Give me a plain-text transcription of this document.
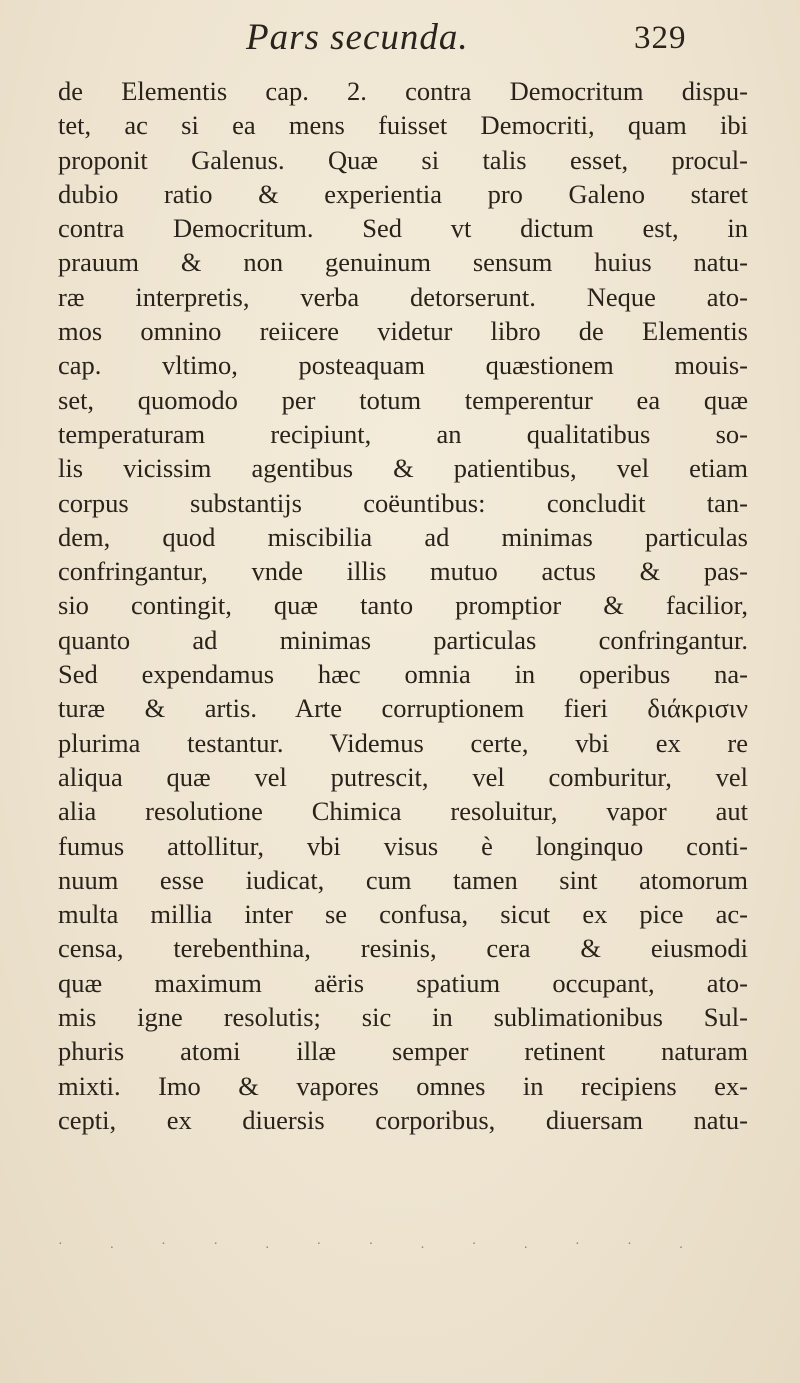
Pars secunda.	329
de Elementis cap. 2. contra Democritum dispu-
tet, ac si ea mens fuisset Democriti, quam ibi
proponit Galenus. Quæ si talis esset, procul-
dubio ratio & experientia pro Galeno staret
contra Democritum. Sed vt dictum est, in
prauum & non genuinum sensum huius natu-
ræ interpretis, verba detorserunt. Neque ato-
mos omnino reiicere videtur libro de Elementis
cap. vltimo, posteaquam quæstionem mouis-
set, quomodo per totum temperentur ea quæ
temperaturam recipiunt, an qualitatibus so-
lis vicissim agentibus & patientibus, vel etiam
corpus substantijs coëuntibus: concludit tan-
dem, quod miscibilia ad minimas particulas
confringantur, vnde illis mutuo actus & pas-
sio contingit, quæ tanto promptior & facilior,
quanto ad minimas particulas confringantur.
Sed expendamus hæc omnia in operibus na-
turæ & artis. Arte corruptionem fieri διάκρισιν
plurima testantur. Videmus certe, vbi ex re
aliqua quæ vel putrescit, vel comburitur, vel
alia resolutione Chimica resoluitur, vapor aut
fumus attollitur, vbi visus è longinquo conti-
nuum esse iudicat, cum tamen sint atomorum
multa millia inter se confusa, sicut ex pice ac-
censa, terebenthina, resinis, cera & eiusmodi
quæ maximum aëris spatium occupant, ato-
mis igne resolutis; sic in sublimationibus Sul-
phuris atomi illæ semper retinent naturam
mixti. Imo & vapores omnes in recipiens ex-
cepti, ex diuersis corporibus, diuersam natu-
· . · · . · · . · . · · .
